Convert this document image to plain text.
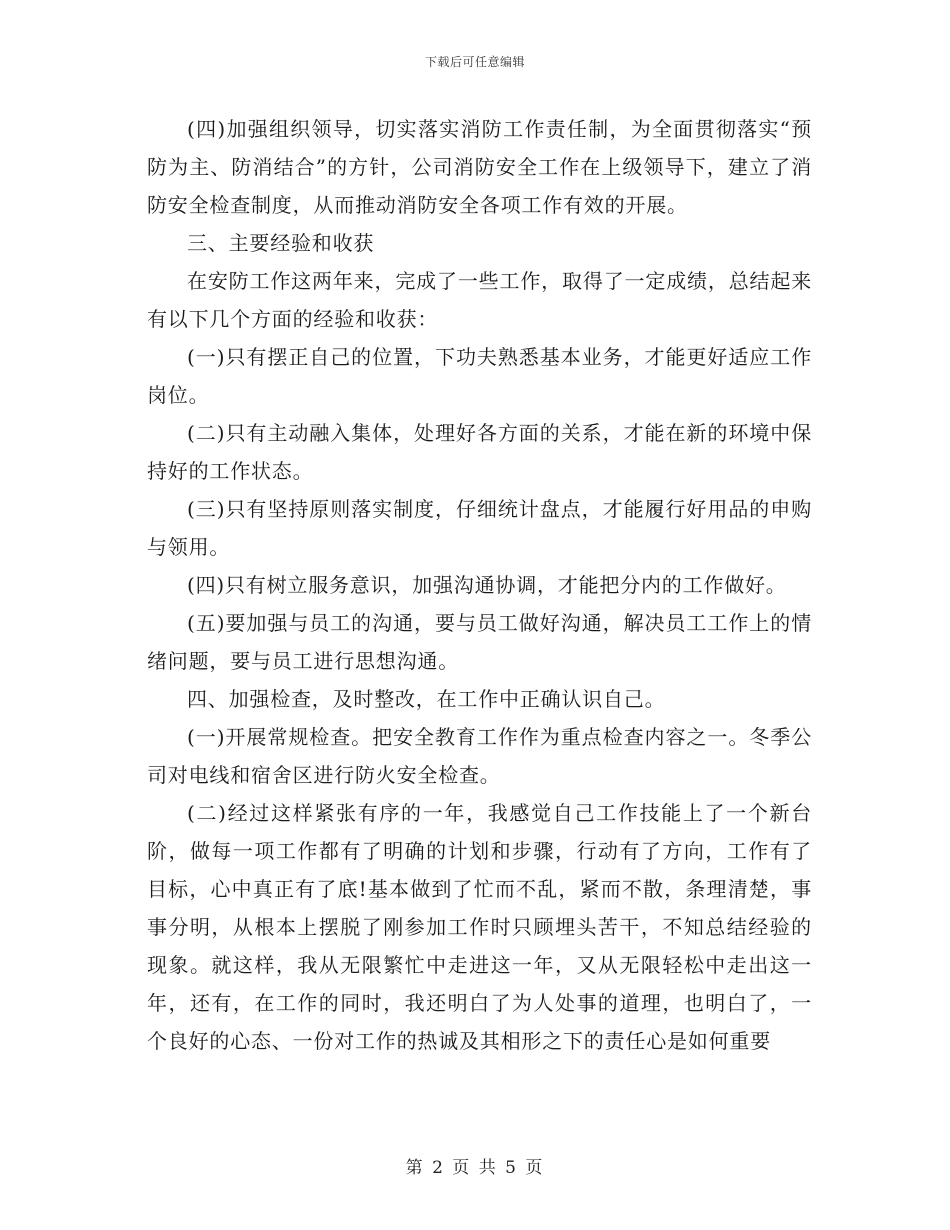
下载后可任意编辑

(四)加强组织领导，切实落实消防工作责任制，为全面贯彻落实“预防为主、防消结合”的方针，公司消防安全工作在上级领导下，建立了消防安全检查制度，从而推动消防安全各项工作有效的开展。

三、主要经验和收获

在安防工作这两年来，完成了一些工作，取得了一定成绩，总结起来有以下几个方面的经验和收获：

(一)只有摆正自己的位置，下功夫熟悉基本业务，才能更好适应工作岗位。

(二)只有主动融入集体，处理好各方面的关系，才能在新的环境中保持好的工作状态。

(三)只有坚持原则落实制度，仔细统计盘点，才能履行好用品的申购与领用。

(四)只有树立服务意识，加强沟通协调，才能把分内的工作做好。

(五)要加强与员工的沟通，要与员工做好沟通，解决员工工作上的情绪问题，要与员工进行思想沟通。

四、加强检查，及时整改，在工作中正确认识自己。

(一)开展常规检查。把安全教育工作作为重点检查内容之一。冬季公司对电线和宿舍区进行防火安全检查。

(二)经过这样紧张有序的一年，我感觉自己工作技能上了一个新台阶，做每一项工作都有了明确的计划和步骤，行动有了方向，工作有了目标，心中真正有了底!基本做到了忙而不乱，紧而不散，条理清楚，事事分明，从根本上摆脱了刚参加工作时只顾埋头苦干，不知总结经验的现象。就这样，我从无限繁忙中走进这一年，又从无限轻松中走出这一年，还有，在工作的同时，我还明白了为人处事的道理，也明白了，一个良好的心态、一份对工作的热诚及其相形之下的责任心是如何重要

第 2 页 共 5 页
